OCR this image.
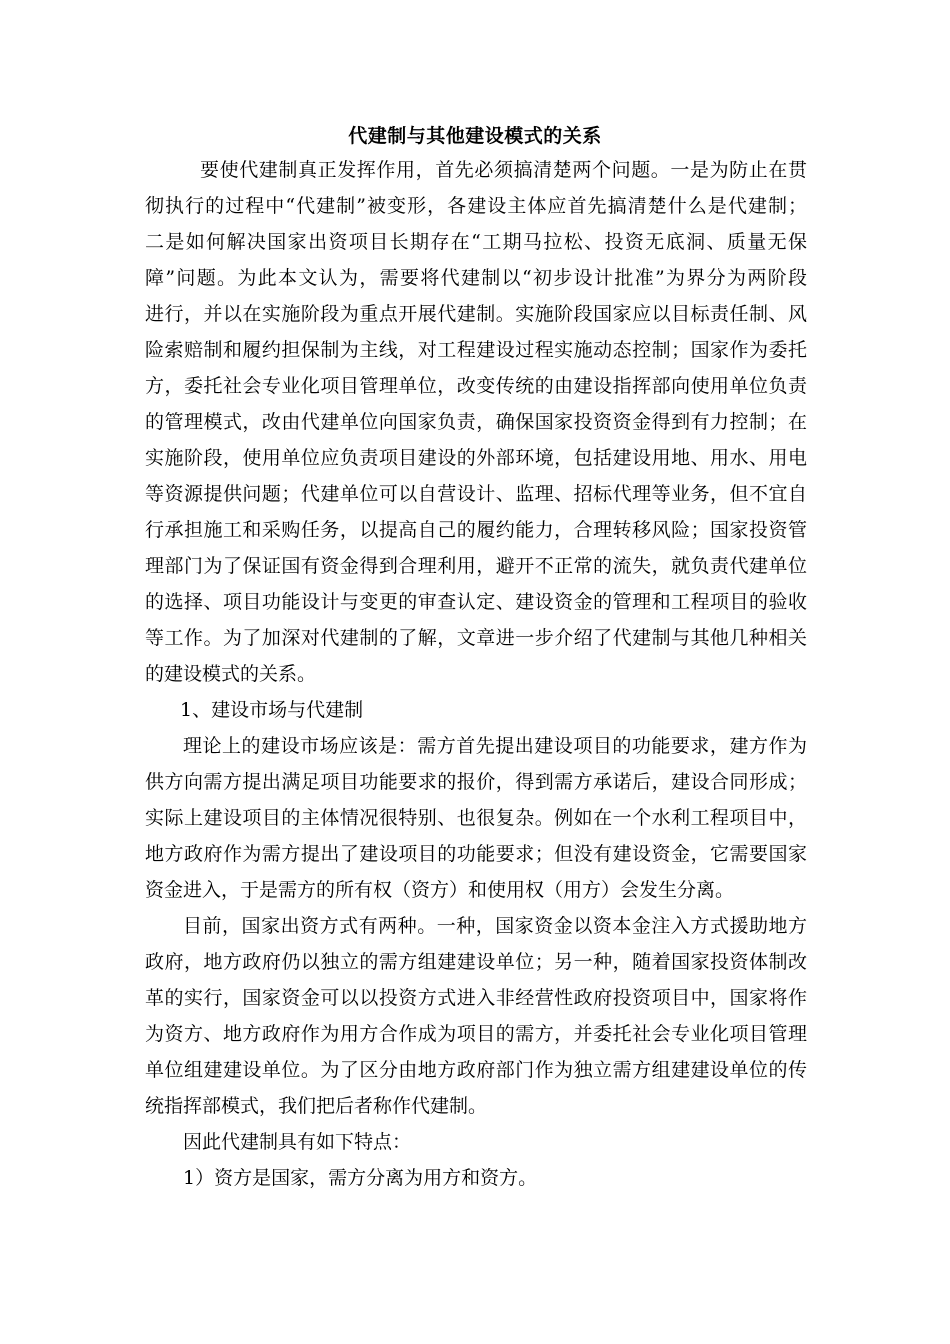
代建制与其他建设模式的关系
要使代建制真正发挥作用，首先必须搞清楚两个问题。一是为防止在贯
彻执行的过程中“代建制”被变形，各建设主体应首先搞清楚什么是代建制；
二是如何解决国家出资项目长期存在“工期马拉松、投资无底洞、质量无保
障”问题。为此本文认为，需要将代建制以“初步设计批准”为界分为两阶段
进行，并以在实施阶段为重点开展代建制。实施阶段国家应以目标责任制、风
险索赔制和履约担保制为主线，对工程建设过程实施动态控制；国家作为委托
方，委托社会专业化项目管理单位，改变传统的由建设指挥部向使用单位负责
的管理模式，改由代建单位向国家负责，确保国家投资资金得到有力控制；在
实施阶段，使用单位应负责项目建设的外部环境，包括建设用地、用水、用电
等资源提供问题；代建单位可以自营设计、监理、招标代理等业务，但不宜自
行承担施工和采购任务，以提高自己的履约能力，合理转移风险；国家投资管
理部门为了保证国有资金得到合理利用，避开不正常的流失，就负责代建单位
的选择、项目功能设计与变更的审查认定、建设资金的管理和工程项目的验收
等工作。为了加深对代建制的了解，文章进一步介绍了代建制与其他几种相关
的建设模式的关系。
1、建设市场与代建制
理论上的建设市场应该是：需方首先提出建设项目的功能要求，建方作为
供方向需方提出满足项目功能要求的报价，得到需方承诺后，建设合同形成；
实际上建设项目的主体情况很特别、也很复杂。例如在一个水利工程项目中，
地方政府作为需方提出了建设项目的功能要求；但没有建设资金，它需要国家
资金进入，于是需方的所有权（资方）和使用权（用方）会发生分离。
目前，国家出资方式有两种。一种，国家资金以资本金注入方式援助地方
政府，地方政府仍以独立的需方组建建设单位；另一种，随着国家投资体制改
革的实行，国家资金可以以投资方式进入非经营性政府投资项目中，国家将作
为资方、地方政府作为用方合作成为项目的需方，并委托社会专业化项目管理
单位组建建设单位。为了区分由地方政府部门作为独立需方组建建设单位的传
统指挥部模式，我们把后者称作代建制。
因此代建制具有如下特点：
1）资方是国家，需方分离为用方和资方。
